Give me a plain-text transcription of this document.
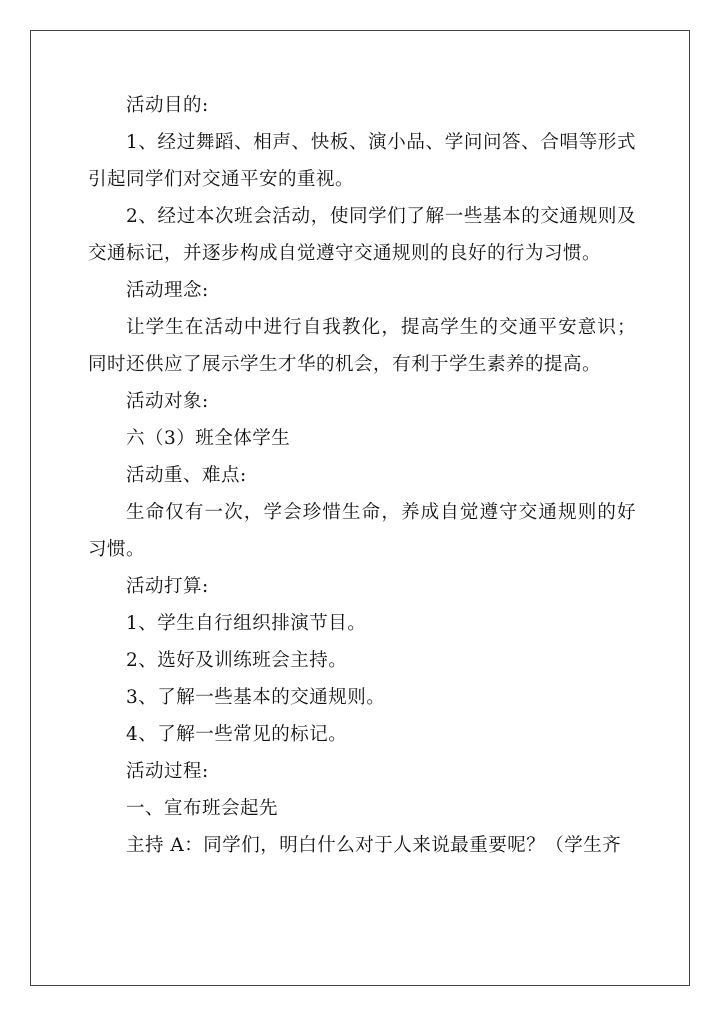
活动目的:

1、经过舞蹈、相声、快板、演小品、学问问答、合唱等形式引起同学们对交通平安的重视。

2、经过本次班会活动，使同学们了解一些基本的交通规则及交通标记，并逐步构成自觉遵守交通规则的良好的行为习惯。

活动理念:

让学生在活动中进行自我教化，提高学生的交通平安意识；同时还供应了展示学生才华的机会，有利于学生素养的提高。

活动对象:

六（3）班全体学生

活动重、难点:

生命仅有一次，学会珍惜生命，养成自觉遵守交通规则的好习惯。

活动打算:

1、学生自行组织排演节目。

2、选好及训练班会主持。

3、了解一些基本的交通规则。

4、了解一些常见的标记。

活动过程:

一、宣布班会起先

主持 A：同学们，明白什么对于人来说最重要呢？（学生齐
